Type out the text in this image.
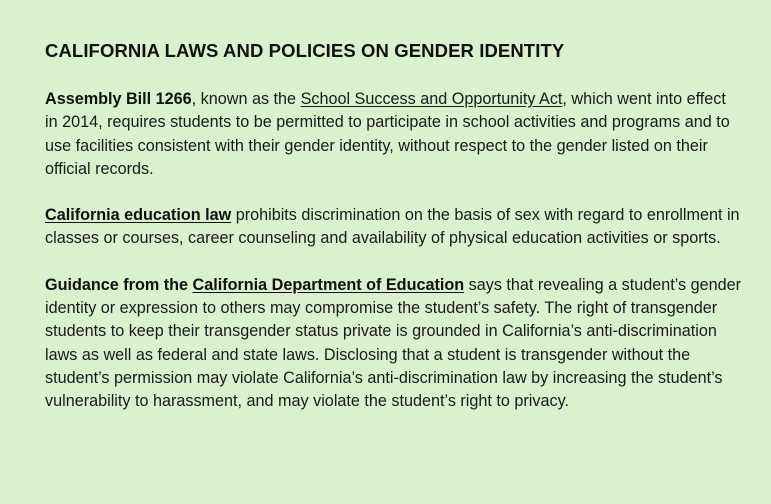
CALIFORNIA LAWS AND POLICIES ON GENDER IDENTITY

Assembly Bill 1266, known as the School Success and Opportunity Act, which went into effect in 2014, requires students to be permitted to participate in school activities and programs and to use facilities consistent with their gender identity, without respect to the gender listed on their official records.

California education law prohibits discrimination on the basis of sex with regard to enrollment in classes or courses, career counseling and availability of physical education activities or sports.

Guidance from the California Department of Education says that revealing a student’s gender identity or expression to others may compromise the student’s safety. The right of transgender students to keep their transgender status private is grounded in California’s anti-discrimination laws as well as federal and state laws. Disclosing that a student is transgender without the student’s permission may violate California’s anti-discrimination law by increasing the student’s vulnerability to harassment, and may violate the student’s right to privacy.
